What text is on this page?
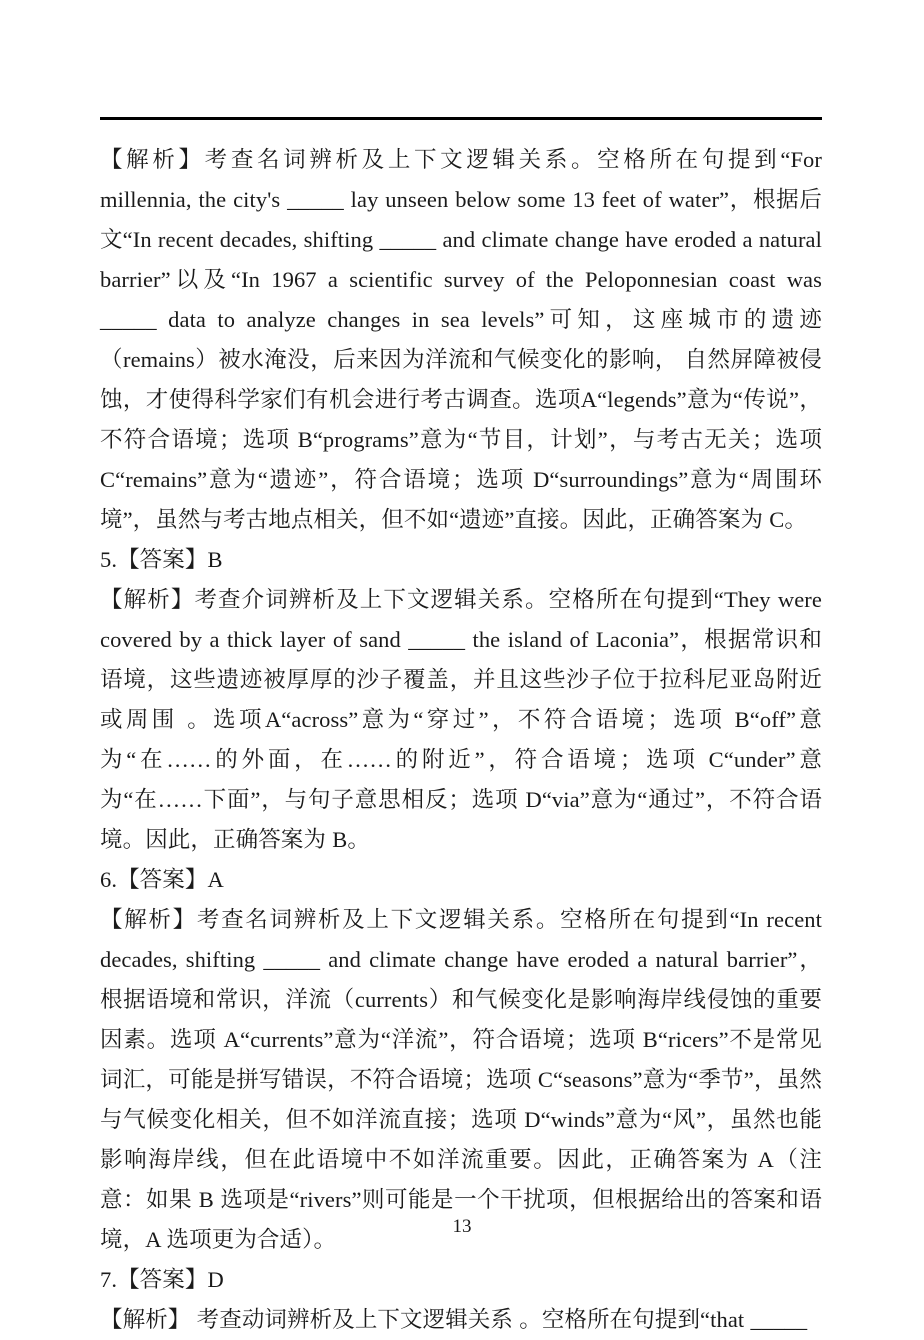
【解析】考查名词辨析及上下文逻辑关系。空格所在句提到“For millennia, the city's _____ lay unseen below some 13 feet of water”，根据后文“In recent decades, shifting _____ and climate change have eroded a natural barrier”以及“In 1967 a scientific survey of the Peloponnesian coast was _____ data to analyze changes in sea levels”可知，这座城市的遗迹（remains）被水淹没，后来因为洋流和气候变化的影响， 自然屏障被侵蚀，才使得科学家们有机会进行考古调查。选项A“legends”意为“传说”，不符合语境；选项 B“programs”意为“节目，计划”，与考古无关；选项 C“remains”意为“遗迹”，符合语境；选项 D“surroundings”意为“周围环境”，虽然与考古地点相关，但不如“遗迹”直接。因此，正确答案为 C。

5.【答案】B

【解析】考查介词辨析及上下文逻辑关系。空格所在句提到“They were covered by a thick layer of sand _____ the island of Laconia”，根据常识和语境，这些遗迹被厚厚的沙子覆盖，并且这些沙子位于拉科尼亚岛附近或周围 。选项A“across”意为“穿过”，不符合语境；选项 B“off”意为“在……的外面，在……的附近”，符合语境；选项 C“under”意为“在……下面”，与句子意思相反；选项 D“via”意为“通过”，不符合语境。因此，正确答案为 B。

6.【答案】A

【解析】考查名词辨析及上下文逻辑关系。空格所在句提到“In recent decades, shifting _____ and climate change have eroded a natural barrier”，根据语境和常识，洋流（currents）和气候变化是影响海岸线侵蚀的重要因素。选项 A“currents”意为“洋流”，符合语境；选项 B“ricers”不是常见词汇，可能是拼写错误，不符合语境；选项 C“seasons”意为“季节”，虽然与气候变化相关，但不如洋流直接；选项 D“winds”意为“风”，虽然也能影响海岸线，但在此语境中不如洋流重要。因此，正确答案为 A（注意：如果 B 选项是“rivers”则可能是一个干扰项，但根据给出的答案和语境，A 选项更为合适）。

7.【答案】D

【解析】 考查动词辨析及上下文逻辑关系 。空格所在句提到“that _____

13
